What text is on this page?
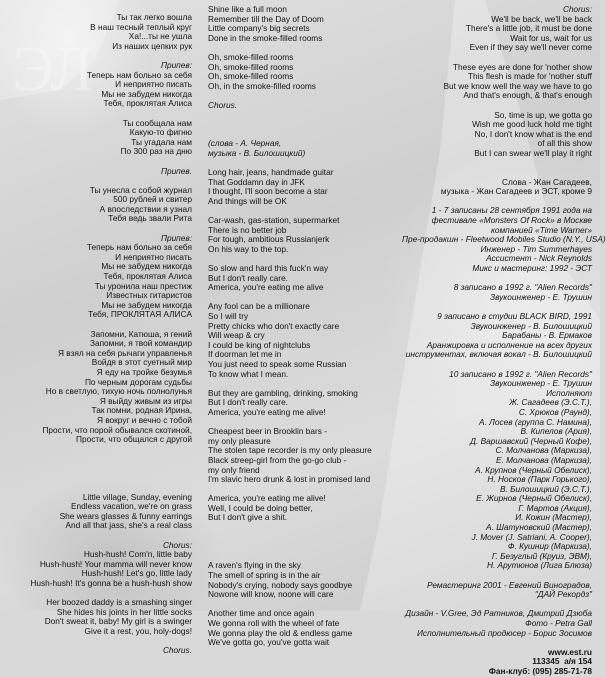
ЭЛ
Ты так легко вошла
В наш тесный теплый круг
Ха!...ты не ушла
Из наших цепких рук
Припев:
Теперь нам больно за себя
И неприятно писать
Мы не забудем никогда
Тебя, проклятая Алиса
Ты сообщала нам
Какую-то фигню
Ты угадала нам
По 300 раз на дню
Припев.
Ты унесла с собой журнал
500 рублей и свитер
А впоследствии я узнал
Тебя ведь звали Рита
Припев:
Теперь нам больно за себя
И неприятно писать
Мы не забудем никогда
Тебя, проклятая Алиса
Ты уронила наш престиж
Известных гитаристов
Мы не забудем никогда
Тебя, ПРОКЛЯТАЯ АЛИСА
Запомни, Катюша, я гений
Запомни, я твой командир
Я взял на себя рычаги управленья
Войдя в этот суетный мир
Я еду на тройке безумья
По черным дорогам судьбы
Но в светлую, тихую ночь полнолунья
Я выйду живым из игры
Так помни, родная Ирина,
Я вокруг и вечно с тобой
Прости, что порой обывался скотиной,
Прости, что общался с другой
Little village, Sunday, evening
Endless vacation, we're on grass
She wears glasses & funny earrings
And all that jass, she's a real class
Chorus:
Hush-hush! Com'n, little baby
Hush-hush! Your mamma will never know
Hush-hush! Let's go, little lady
Hush-hush! It's gonna be a hush-hush show
Her boozed daddy is a smashing singer
She hides his joints in her little socks
Don't sweat it, baby! My girl is a swinger
Give it a rest, you, holy-dogs!
Chorus.
Shine like a full moon
Remember till the Day of Doom
Little company's big secrets
Done in the smoke-filled rooms
Oh, smoke-filled rooms
Oh, smoke-filled rooms
Oh, smoke-filled rooms
Oh, in the smoke-filled rooms
Chorus.
(слова - А. Черная,
музыка - В. Билошицкий)
Long hair, jeans, handmade guitar
That Goddamn day in JFK
I thought, I'll soon become a star
And things will be OK
Car-wash, gas-station, supermarket
There is no better job
For tough, ambitious Russianjerk
On his way to the top.
So slow and hard this fuck'n way
But I don't really care.
America, you're eating me alive
Any fool can be a millionare
So I will try
Pretty chicks who don't exactly care
Will weap & cry
I could be king of nightclubs
If doorman let me in
You just need to speak some Russian
To know what I mean.
But they are gambling, drinking, smoking
But I don't really care.
America, you're eating me alive!
Cheapest beer in Brooklin bars -
my only pleasure
The stolen tape recorder is my only pleasure
Black streep-girl from the go-go club -
my only friend
I'm slavic hero drunk & lost in promised land
America, you're eating me alive!
Well, I could be doing better,
But I don't give a shit.
A raven's flying in the sky
The smell of spring is in the air
Nobody's crying, nobody says goodbye
Nowone will know, noone will care
Another time and once again
We gonna roll with the wheel of fate
We gonna play the old & endless game
We've gotta go, you've gotta wait
Chorus:
We'll be back, we'll be back
There's a little job, it must be done
Wait for us, wait for us
Even if they say we'll never come
These eyes are done for 'nother show
This flesh is made for 'nother stuff
But we know well the way we have to go
And that's enough, & that's enough
So, time is up, we gotta go
Wish me good luck hold me tight
No, I don't know what is the end
of all this show
But I can swear we'll play it right
Слова - Жан Сагадеев,
музыка - Жан Сагадеев и ЭСТ, кроме 9
1 - 7 записаны 28 сентября 1991 года на
фестивале «Monsters Of Rock» в Москве
компанией «Time Warner»
Пре-продакшн - Fleetwood Mobiles Studio (N.Y., USA)
Инженер - Tim Summerhayes
Ассистент - Nick Reynolds
Микс и мастеринг: 1992 - ЭСТ
8 записано в 1992 г. "Alien Records"
Звукоинженер - Е. Трушин
9 записано в студии BLACK BIRD, 1991
Звукоинженер - В. Билошицкий
Барабаны - В. Ермаков
Аранжировка и исполнение на всех других
инструментах, включая вокал - В. Билошицкий
10 записано в 1992 г. "Alien Records"
Звукоинженер - Е. Трушин
Исполняют
Ж. Сагадеев (Э.С.Т.),
С. Хрюков (Раунд),
А. Лосев (группа С. Намина),
В. Кипелов (Ария),
Д. Варшавский (Черный Кофе),
С. Молчанова (Маркиза),
Е. Молчанова (Маркиза),
А. Крупнов (Черный Обелиск),
Н. Носков (Парк Горького),
В. Билошицкий (Э.С.Т.),
Е. Жирнов (Черный Обелиск),
Г. Мартов (Акция),
И. Кожин (Мастер),
А. Шатуновский (Мастер),
J. Mover (J. Satriani, A. Cooper),
Ф. Кушнир (Маркиза),
Г. Безуглый (Круиз, ЭВМ),
Н. Арутюнов (Лига Блюза)
Ремастеринг 2001 - Евгений Виноградов,
"ДАЙ Рекордз"
Дизайн - V.Gree, Эд Ратников, Дмитрий Дзюба
Фото - Petra Gall
Исполнительный продюсер - Борис Зосимов
www.est.ru
113345  а/я 154
Фан-клуб: (095) 285-71-78
